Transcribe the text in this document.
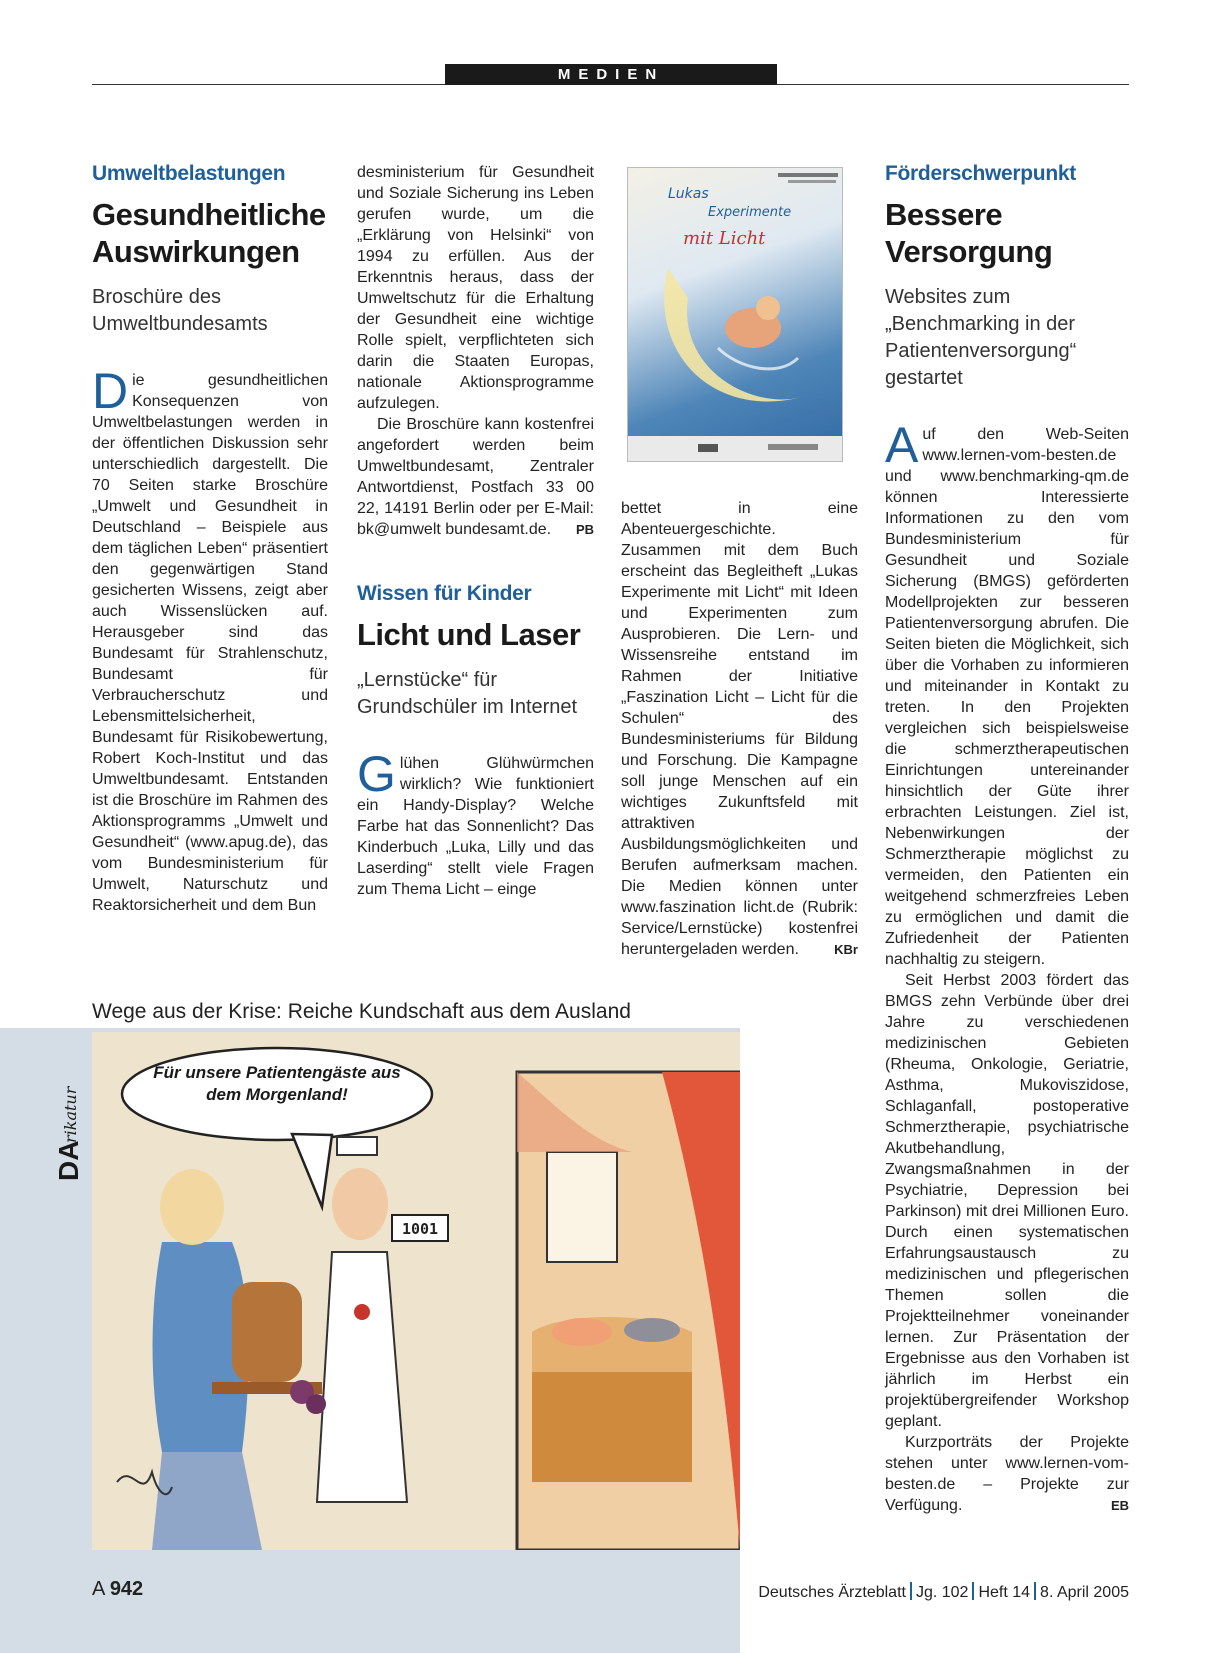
MEDIEN
Umweltbelastungen
Gesundheitliche Auswirkungen
Broschüre des Umweltbundesamts

Die gesundheitlichen Konsequenzen von Umweltbelastungen werden in der öffentlichen Diskussion sehr unterschiedlich dargestellt. Die 70 Seiten starke Broschüre „Umwelt und Gesundheit in Deutschland – Beispiele aus dem täglichen Leben“ präsentiert den gegenwärtigen Stand gesicherten Wissens, zeigt aber auch Wissenslücken auf. Herausgeber sind das Bundesamt für Strahlenschutz, Bundesamt für Verbraucherschutz und Lebensmittelsicherheit, Bundesamt für Risikobewertung, Robert Koch-Institut und das Umweltbundesamt. Entstanden ist die Broschüre im Rahmen des Aktionsprogramms „Umwelt und Gesundheit“ (www.apug.de), das vom Bundesministerium für Umwelt, Naturschutz und Reaktorsicherheit und dem Bun

desministerium für Gesundheit und Soziale Sicherung ins Leben gerufen wurde, um die „Erklärung von Helsinki“ von 1994 zu erfüllen. Aus der Erkenntnis heraus, dass der Umweltschutz für die Erhaltung der Gesundheit eine wichtige Rolle spielt, verpflichteten sich darin die Staaten Europas, nationale Aktionsprogramme aufzulegen.

Die Broschüre kann kostenfrei angefordert werden beim Umweltbundesamt, Zentraler Antwortdienst, Postfach 33 00 22, 14191 Berlin oder per E-Mail: bk@umwelt bundesamt.de.	PB

Wissen für Kinder
Licht und Laser
„Lernstücke“ für Grundschüler im Internet

Glühen Glühwürmchen wirklich? Wie funktioniert ein Handy-Display? Welche Farbe hat das Sonnenlicht? Das Kinderbuch „Luka, Lilly und das Laserding“ stellt viele Fragen zum Thema Licht – einge

Lukas
Experimente
mit Licht

bettet in eine Abenteuergeschichte. Zusammen mit dem Buch erscheint das Begleitheft „Lukas Experimente mit Licht“ mit Ideen und Experimenten zum Ausprobieren. Die Lern- und Wissensreihe entstand im Rahmen der Initiative „Faszination Licht – Licht für die Schulen“ des Bundesministeriums für Bildung und Forschung. Die Kampagne soll junge Menschen auf ein wichtiges Zukunftsfeld mit attraktiven Ausbildungsmöglichkeiten und Berufen aufmerksam machen. Die Medien können unter www.faszination licht.de (Rubrik: Service/Lernstücke) kostenfrei heruntergeladen werden.	KBr

Förderschwerpunkt
Bessere Versorgung
Websites zum „Benchmarking in der Patientenversorgung“ gestartet

Auf den Web-Seiten www.lernen-vom-besten.de und www.benchmarking-qm.de können Interessierte Informationen zu den vom Bundesministerium für Gesundheit und Soziale Sicherung (BMGS) geförderten Modellprojekten zur besseren Patientenversorgung abrufen. Die Seiten bieten die Möglichkeit, sich über die Vorhaben zu informieren und miteinander in Kontakt zu treten. In den Projekten vergleichen sich beispielsweise die schmerztherapeutischen Einrichtungen untereinander hinsichtlich der Güte ihrer erbrachten Leistungen. Ziel ist, Nebenwirkungen der Schmerztherapie möglichst zu vermeiden, den Patienten ein weitgehend schmerzfreies Leben zu ermöglichen und damit die Zufriedenheit der Patienten nachhaltig zu steigern.

Seit Herbst 2003 fördert das BMGS zehn Verbünde über drei Jahre zu verschiedenen medizinischen Gebieten (Rheuma, Onkologie, Geriatrie, Asthma, Mukoviszidose, Schlaganfall, postoperative Schmerztherapie, psychiatrische Akutbehandlung, Zwangsmaßnahmen in der Psychiatrie, Depression bei Parkinson) mit drei Millionen Euro. Durch einen systematischen Erfahrungsaustausch zu medizinischen und pflegerischen Themen sollen die Projektteilnehmer voneinander lernen. Zur Präsentation der Ergebnisse aus den Vorhaben ist jährlich im Herbst ein projektübergreifender Workshop geplant.

Kurzporträts der Projekte stehen unter www.lernen-vom-besten.de – Projekte zur Verfügung.	EB

Wege aus der Krise: Reiche Kundschaft aus dem Ausland
DA
rikatur
Für unsere Patientengäste aus dem Morgenland!
1001
A 942	Deutsches Ärzteblatt Jg. 102 Heft 14 8. April 2005
